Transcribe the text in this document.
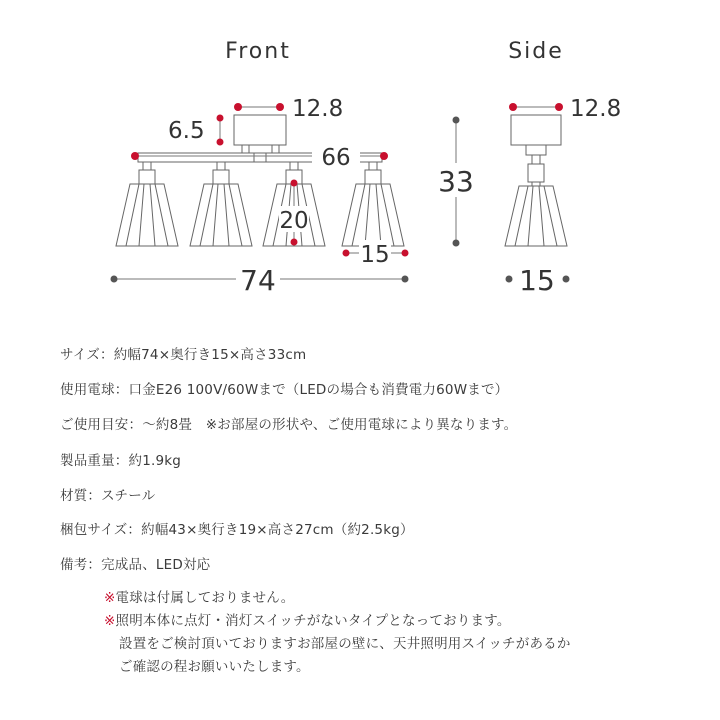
Front	Side
12.8
6.5
66
20
15
74
33
12.8
15
サイズ：約幅74×奥行き15×高さ33cm
使用電球：口金E26 100V/60Wまで（LEDの場合も消費電力60Wまで）
ご使用目安：～約8畳　※お部屋の形状や、ご使用電球により異なります。
製品重量：約1.9kg
材質：スチール
梱包サイズ：約幅43×奥行き19×高さ27cm（約2.5kg）
備考：完成品、LED対応
※電球は付属しておりません。
※照明本体に点灯・消灯スイッチがないタイプとなっております。
設置をご検討頂いておりますお部屋の壁に、天井照明用スイッチがあるか
ご確認の程お願いいたします。
